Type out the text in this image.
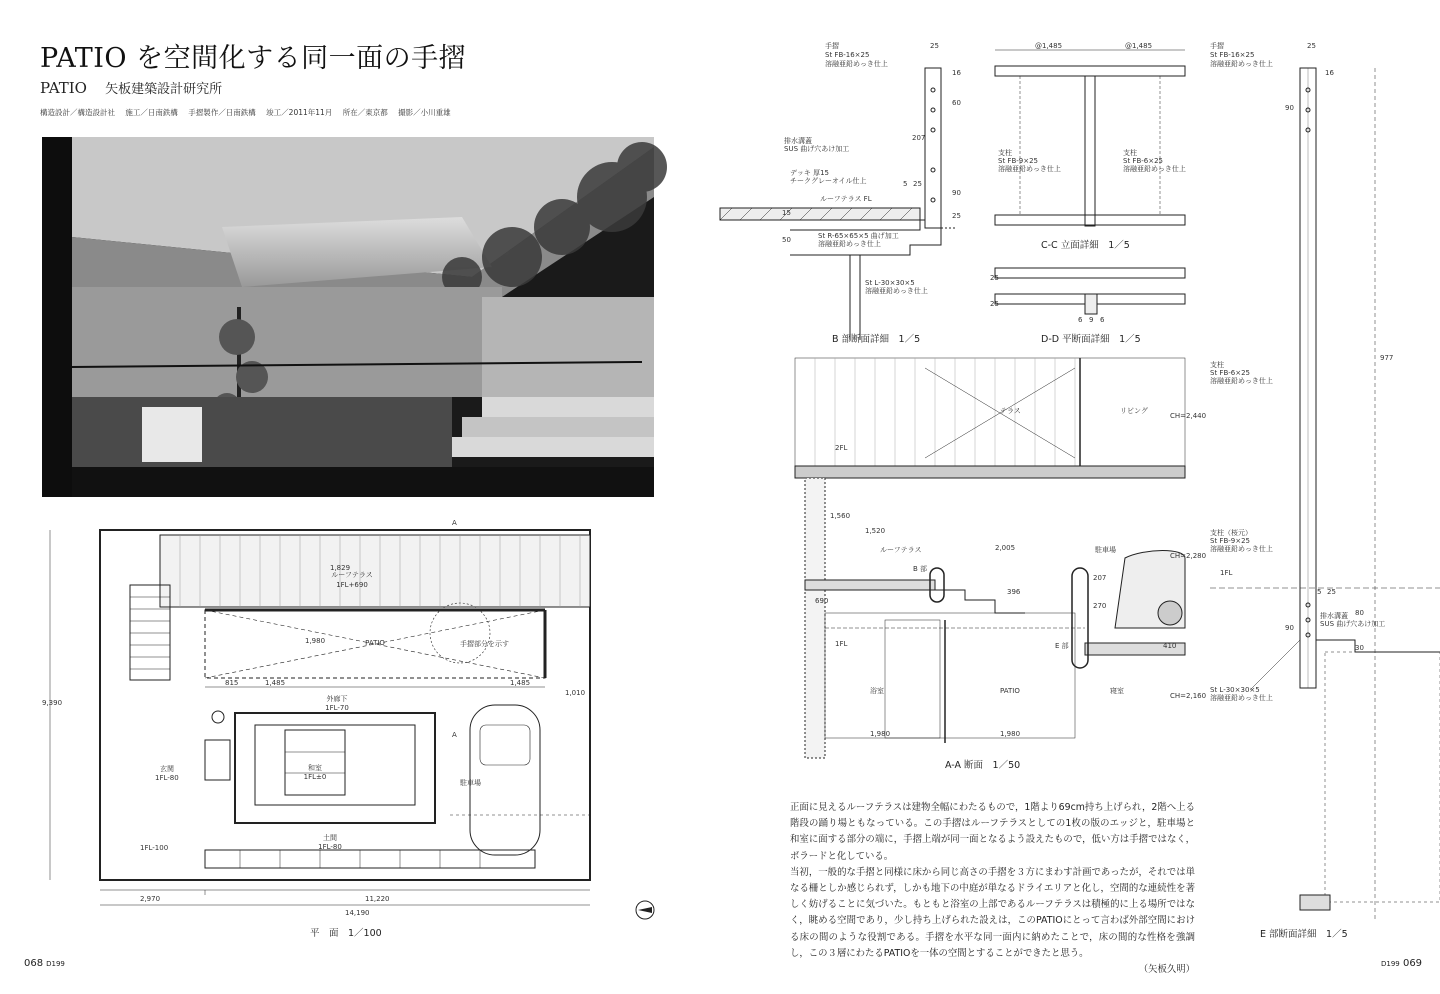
PATIO を空間化する同一面の手摺
PATIO 矢板建築設計研究所
構造設計／構造設計社 施工／日南鉄構 手摺製作／日南鉄構 竣工／2011年11月 所在／東京都 撮影／小川重雄
ルーフテラス
1FL+690
PATIO	手摺部分を示す
外廊下
1FL-70
玄関
1FL-80
和室
1FL±0
駐車場
土間
1FL-80
1FL-100
A
A
815	1,485	1,485
1,010
1,829
1,980
9,390
2,970	11,220
14,190
平　面　1／100
068 D199
手摺
St FB-16×25
溶融亜鉛めっき仕上
排水溝蓋
SUS 曲げ穴あけ加工
デッキ 厚15
チークグレーオイル仕上
ルーフテラス FL
St R-65×65×5 曲げ加工
溶融亜鉛めっき仕上
St L-30×30×5
溶融亜鉛めっき仕上
25
16
60
207
5 25
90
15
50
25
B 部断面詳細　1／5
@1,485	@1,485
支柱
St FB-9×25
溶融亜鉛めっき仕上
支柱
St FB-6×25
溶融亜鉛めっき仕上
C-C 立面詳細　1／5
6 9 6
25
25
D-D 平断面詳細　1／5
テラス	リビング
ルーフテラス	駐車場
B 部
E 部
浴室	PATIO	寝室
1FL
2FL
1,560
1,520
2,005
396
690
207
270
410
1,980	1,980
CH=2,440
CH=2,280
CH=2,160
A-A 断面　1／50

正面に見えるルーフテラスは建物全幅にわたるもので，1階より69cm持ち上げられ，2階へ上る階段の踊り場ともなっている。この手摺はルーフテラスとしての1枚の版のエッジと，駐車場と和室に面する部分の端に，手摺上端が同一面となるよう設えたもので，低い方は手摺ではなく，ボラードと化している。

当初，一般的な手摺と同様に床から同じ高さの手摺を３方にまわす計画であったが，それでは単なる柵としか感じられず，しかも地下の中庭が単なるドライエリアと化し，空間的な連続性を著しく妨げることに気づいた。もともと浴室の上部であるルーフテラスは積極的に上る場所ではなく，眺める空間であり，少し持ち上げられた設えは，このPATIOにとって言わば外部空間における床の間のような役割である。手摺を水平な同一面内に納めたことで，床の間的な性格を強調し，この３層にわたるPATIOを一体の空間とすることができたと思う。

（矢板久明）

手摺
St FB-16×25
溶融亜鉛めっき仕上
支柱
St FB-6×25
溶融亜鉛めっき仕上
支柱（桜元）
St FB-9×25
溶融亜鉛めっき仕上
排水溝蓋
SUS 曲げ穴あけ加工
St L-30×30×5
溶融亜鉛めっき仕上
1FL
25
16
90
977
5 25
90
80
30
E 部断面詳細　1／5
D199 069
